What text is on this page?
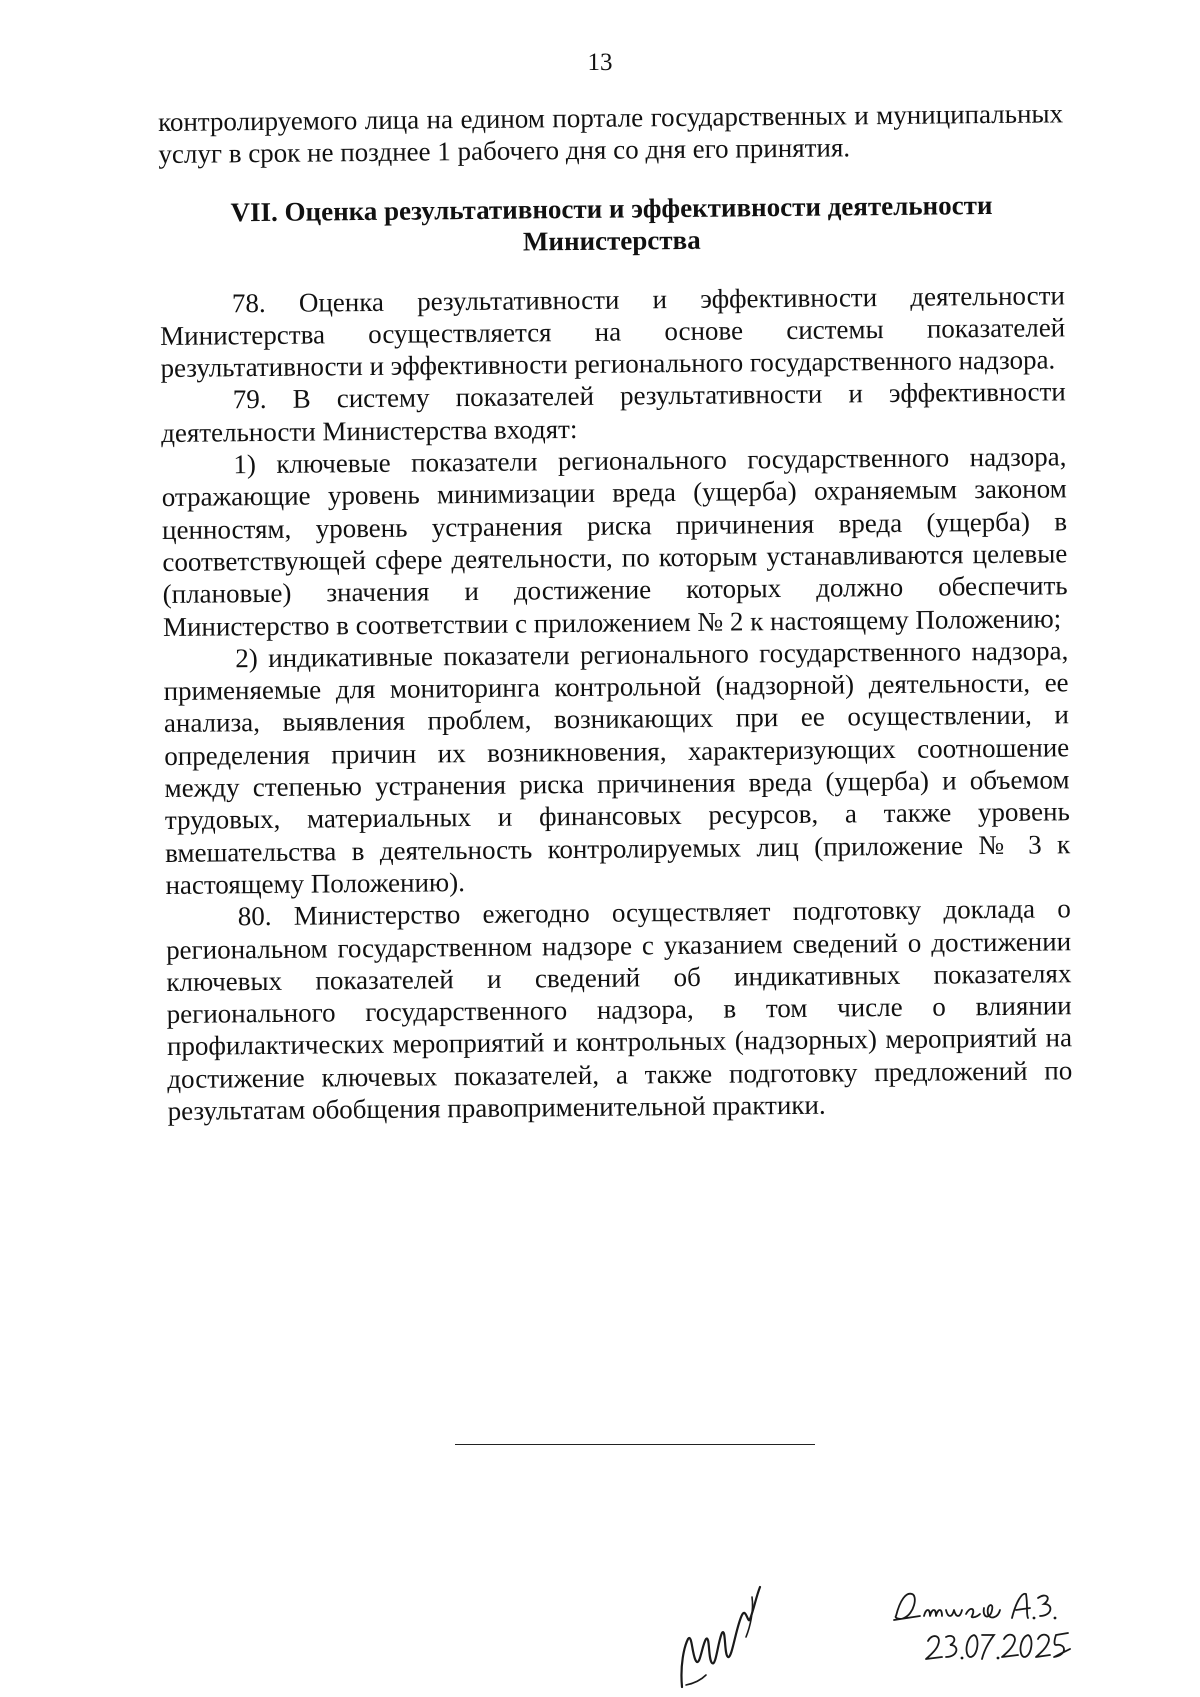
13

контролируемого лица на едином портале государственных и муниципальных услуг в срок не позднее 1 рабочего дня со дня его принятия.

VII. Оценка результативности и эффективности деятельности
Министерства

78. Оценка результативности и эффективности деятельности Министерства осуществляется на основе системы показателей результативности и эффективности регионального государственного надзора.

79. В систему показателей результативности и эффективности деятельности Министерства входят:

1) ключевые показатели регионального государственного надзора, отражающие уровень минимизации вреда (ущерба) охраняемым законом ценностям, уровень устранения риска причинения вреда (ущерба) в соответствующей сфере деятельности, по которым устанавливаются целевые (плановые) значения и достижение которых должно обеспечить Министерство в соответствии с приложением № 2 к настоящему Положению;

2) индикативные показатели регионального государственного надзора, применяемые для мониторинга контрольной (надзорной) деятельности, ее анализа, выявления проблем, возникающих при ее осуществлении, и определения причин их возникновения, характеризующих соотношение между степенью устранения риска причинения вреда (ущерба) и объемом трудовых, материальных и финансовых ресурсов, а также уровень вмешательства в деятельность контролируемых лиц (приложение № 3 к настоящему Положению).

80. Министерство ежегодно осуществляет подготовку доклада о региональном государственном надзоре с указанием сведений о достижении ключевых показателей и сведений об индикативных показателях регионального государственного надзора, в том числе о влиянии профилактических мероприятий и контрольных (надзорных) мероприятий на достижение ключевых показателей, а также подготовку предложений по результатам обобщения правоприменительной практики.
